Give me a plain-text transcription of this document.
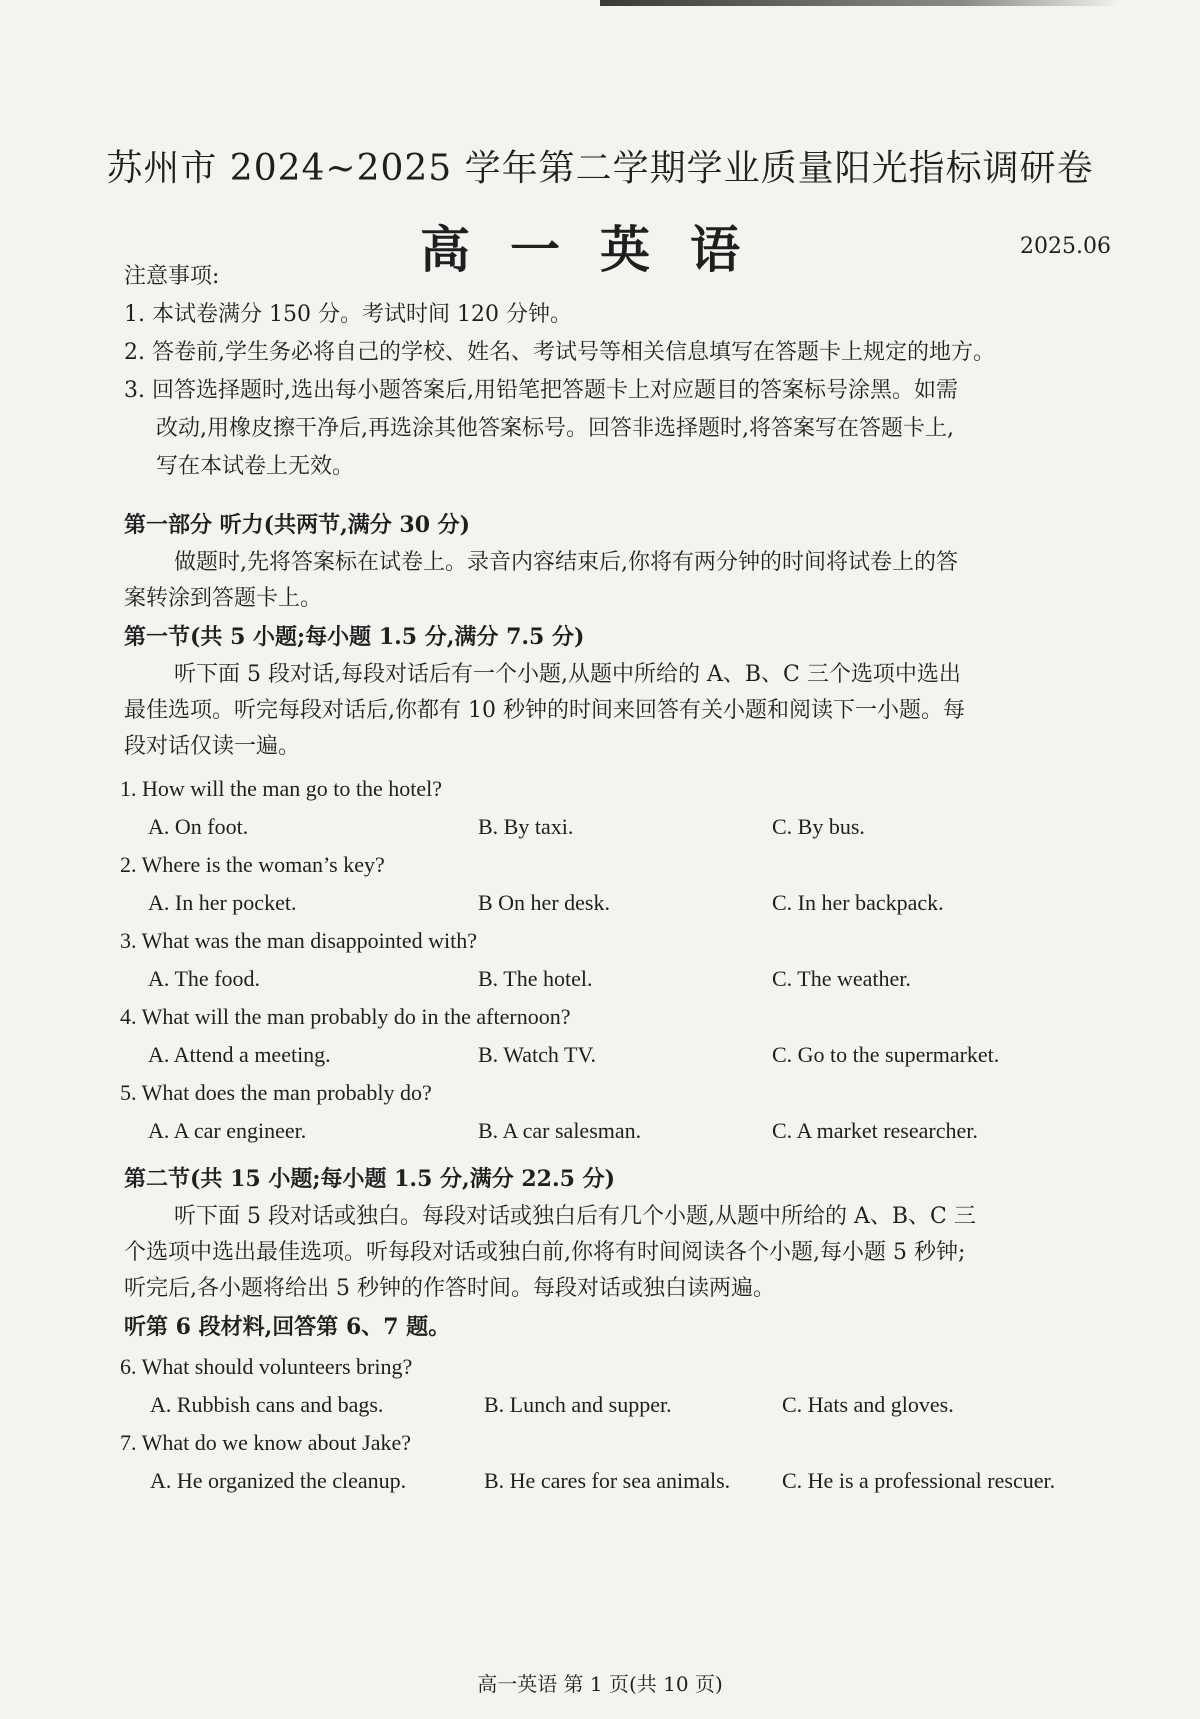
苏州市 2024~2025 学年第二学期学业质量阳光指标调研卷
高一英语	2025.06
注意事项:
1. 本试卷满分 150 分。考试时间 120 分钟。
2. 答卷前,学生务必将自己的学校、姓名、考试号等相关信息填写在答题卡上规定的地方。
3. 回答选择题时,选出每小题答案后,用铅笔把答题卡上对应题目的答案标号涂黑。如需
改动,用橡皮擦干净后,再选涂其他答案标号。回答非选择题时,将答案写在答题卡上,
写在本试卷上无效。
第一部分 听力(共两节,满分 30 分)
做题时,先将答案标在试卷上。录音内容结束后,你将有两分钟的时间将试卷上的答
案转涂到答题卡上。
第一节(共 5 小题;每小题 1.5 分,满分 7.5 分)
听下面 5 段对话,每段对话后有一个小题,从题中所给的 A、B、C 三个选项中选出
最佳选项。听完每段对话后,你都有 10 秒钟的时间来回答有关小题和阅读下一小题。每
段对话仅读一遍。
1. How will the man go to the hotel?
A. On foot.	B. By taxi.	C. By bus.
2. Where is the woman’s key?
A. In her pocket.	B On her desk.	C. In her backpack.
3. What was the man disappointed with?
A. The food.	B. The hotel.	C. The weather.
4. What will the man probably do in the afternoon?
A. Attend a meeting.	B. Watch TV.	C. Go to the supermarket.
5. What does the man probably do?
A. A car engineer.	B. A car salesman.	C. A market researcher.
第二节(共 15 小题;每小题 1.5 分,满分 22.5 分)
听下面 5 段对话或独白。每段对话或独白后有几个小题,从题中所给的 A、B、C 三
个选项中选出最佳选项。听每段对话或独白前,你将有时间阅读各个小题,每小题 5 秒钟;
听完后,各小题将给出 5 秒钟的作答时间。每段对话或独白读两遍。
听第 6 段材料,回答第 6、7 题。
6. What should volunteers bring?
A. Rubbish cans and bags.	B. Lunch and supper.	C. Hats and gloves.
7. What do we know about Jake?
A. He organized the cleanup.	B. He cares for sea animals. C. He is a professional rescuer.
高一英语 第 1 页(共 10 页)
